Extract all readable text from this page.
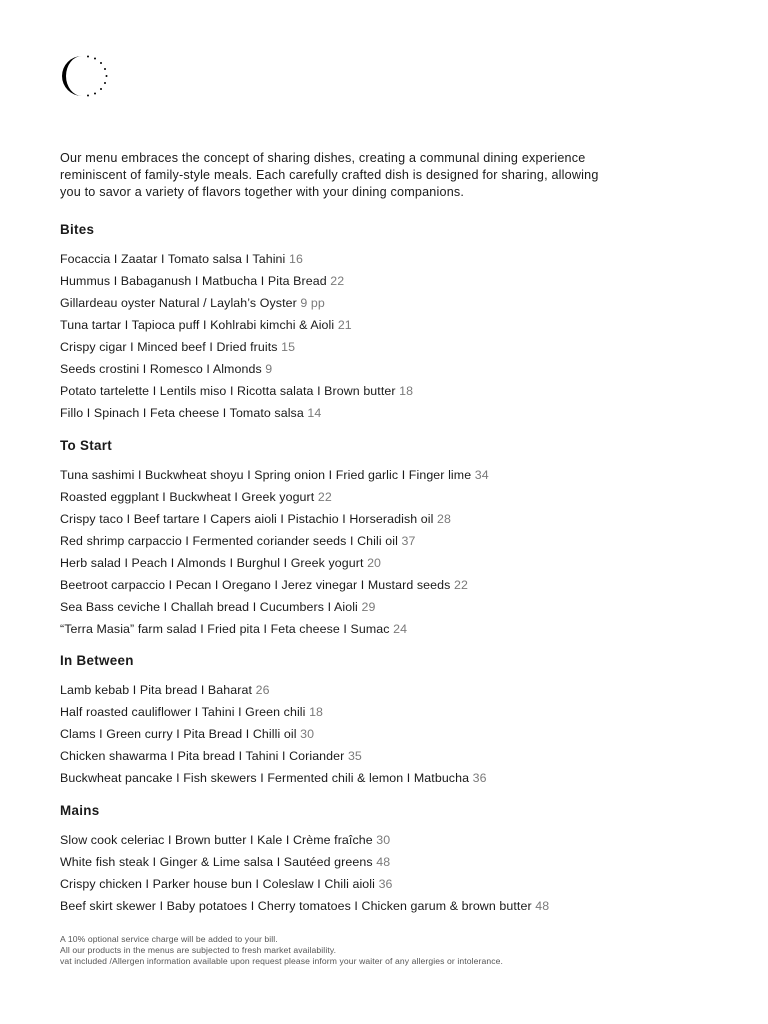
Our menu embraces the concept of sharing dishes, creating a communal dining experience

reminiscent of family-style meals. Each carefully crafted dish is designed for sharing, allowing

you to savor a variety of flavors together with your dining companions.

Bites
Focaccia I Zaatar I Tomato salsa I Tahini 16
Hummus I Babaganush I Matbucha I Pita Bread 22
Gillardeau oyster Natural / Laylah’s Oyster 9 pp
Tuna tartar I Tapioca puff I Kohlrabi kimchi & Aioli 21
Crispy cigar I Minced beef I Dried fruits 15
Seeds crostini I Romesco I Almonds 9
Potato tartelette I Lentils miso I Ricotta salata I Brown butter 18
Fillo I Spinach I Feta cheese I Tomato salsa 14
To Start
Tuna sashimi I Buckwheat shoyu I Spring onion I Fried garlic I Finger lime 34
Roasted eggplant I Buckwheat I Greek yogurt 22
Crispy taco I Beef tartare I Capers aioli I Pistachio I Horseradish oil 28
Red shrimp carpaccio I Fermented coriander seeds I Chili oil 37
Herb salad I Peach I Almonds I Burghul I Greek yogurt 20
Beetroot carpaccio I Pecan I Oregano I Jerez vinegar I Mustard seeds 22
Sea Bass ceviche I Challah bread I Cucumbers I Aioli 29
“Terra Masia” farm salad I Fried pita I Feta cheese I Sumac 24
In Between
Lamb kebab I Pita bread I Baharat 26
Half roasted cauliflower I Tahini I Green chili 18
Clams I Green curry I Pita Bread I Chilli oil 30
Chicken shawarma I Pita bread I Tahini I Coriander 35
Buckwheat pancake I Fish skewers I Fermented chili & lemon I Matbucha 36
Mains
Slow cook celeriac I Brown butter I Kale I Crème fraîche 30
White fish steak I Ginger & Lime salsa I Sautéed greens 48
Crispy chicken I Parker house bun I Coleslaw I Chili aioli 36
Beef skirt skewer I Baby potatoes I Cherry tomatoes I Chicken garum & brown butter 48

A 10% optional service charge will be added to your bill.

All our products in the menus are subjected to fresh market availability.

vat included /Allergen information available upon request please inform your waiter of any allergies or intolerance.
